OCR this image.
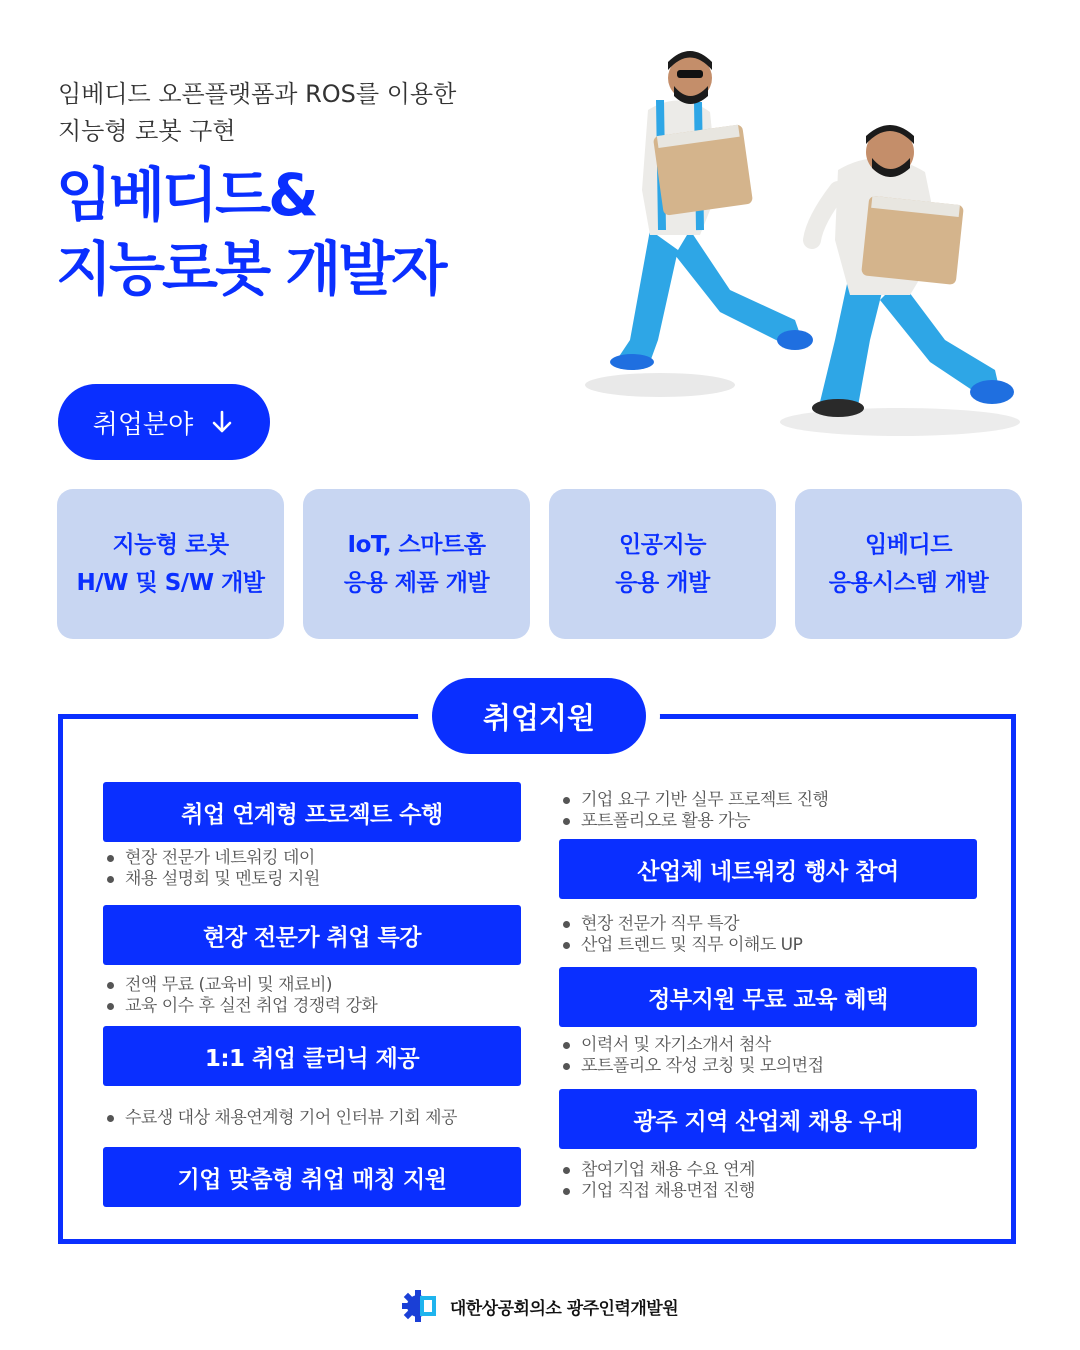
임베디드 오픈플랫폼과 ROS를 이용한
지능형 로봇 구현
임베디드&
지능로봇 개발자
취업분야
지능형 로봇
H/W 및 S/W 개발
IoT, 스마트홈
응용 제품 개발
인공지능
응용 개발
임베디드
응용시스템 개발
취업지원
취업 연계형 프로젝트 수행
현장 전문가 네트워킹 데이
채용 설명회 및 멘토링 지원
현장 전문가 취업 특강
전액 무료 (교육비 및 재료비)
교육 이수 후 실전 취업 경쟁력 강화
1:1 취업 클리닉 제공
수료생 대상 채용연계형 기어 인터뷰 기회 제공
기업 맞춤형 취업 매칭 지원
기업 요구 기반 실무 프로젝트 진행
포트폴리오로 활용 가능
산업체 네트워킹 행사 참여
현장 전문가 직무 특강
산업 트렌드 및 직무 이해도 UP
정부지원 무료 교육 혜택
이력서 및 자기소개서 첨삭
포트폴리오 작성 코칭 및 모의면접
광주 지역 산업체 채용 우대
참여기업 채용 수요 연계
기업 직접 채용면접 진행
대한상공회의소 광주인력개발원
